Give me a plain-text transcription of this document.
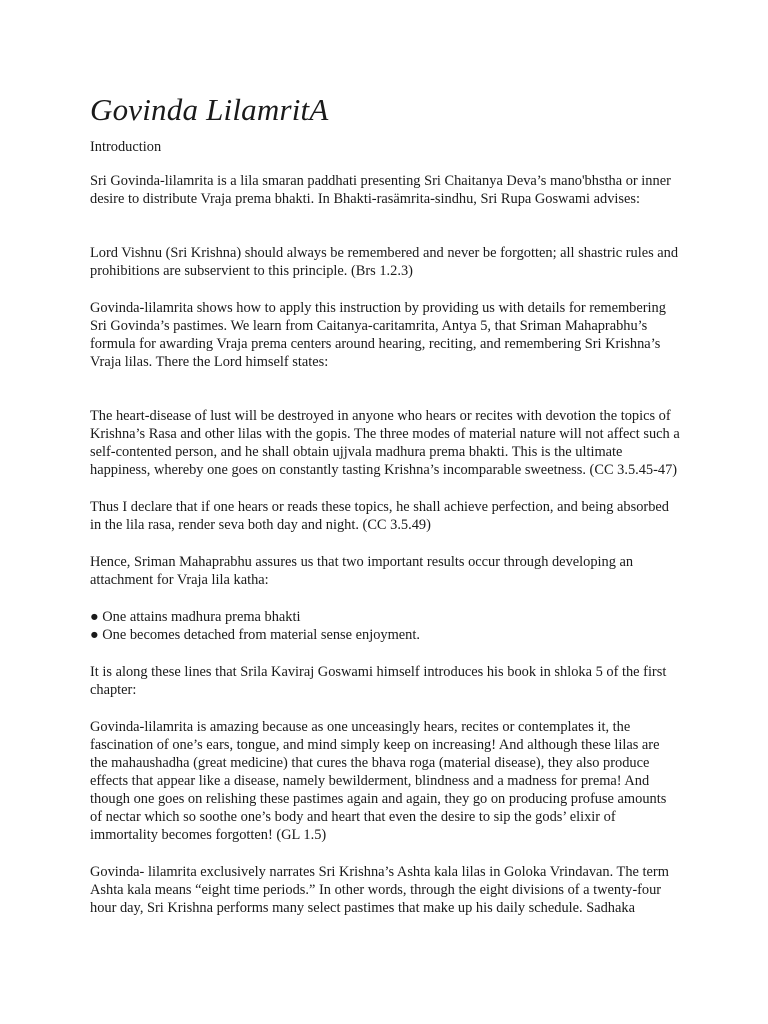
Govinda LilamritA

Introduction

Sri Govinda-lilamrita is a lila smaran paddhati presenting Sri Chaitanya Deva’s mano'bhstha or inner desire to distribute Vraja prema bhakti. In Bhakti-rasämrita-sindhu, Sri Rupa Goswami advises:

Lord Vishnu (Sri Krishna) should always be remembered and never be forgotten; all shastric rules and prohibitions are subservient to this principle. (Brs 1.2.3)

Govinda-lilamrita shows how to apply this instruction by providing us with details for remembering Sri Govinda’s pastimes. We learn from Caitanya-caritamrita, Antya 5, that Sriman Mahaprabhu’s formula for awarding Vraja prema centers around hearing, reciting, and remembering Sri Krishna’s Vraja lilas. There the Lord himself states:

The heart-disease of lust will be destroyed in anyone who hears or recites with devotion the topics of Krishna’s Rasa and other lilas with the gopis. The three modes of material nature will not affect such a self-contented person, and he shall obtain ujjvala madhura prema bhakti. This is the ultimate happiness, whereby one goes on constantly tasting Krishna’s incomparable sweetness. (CC 3.5.45-47)

Thus I declare that if one hears or reads these topics, he shall achieve perfection, and being absorbed in the lila rasa, render seva both day and night. (CC 3.5.49)

Hence, Sriman Mahaprabhu assures us that two important results occur through developing an attachment for Vraja lila katha:

● One attains madhura prema bhakti
● One becomes detached from material sense enjoyment.

It is along these lines that Srila Kaviraj Goswami himself introduces his book in shloka 5 of the first chapter:

Govinda-lilamrita is amazing because as one unceasingly hears, recites or contemplates it, the fascination of one’s ears, tongue, and mind simply keep on increasing! And although these lilas are the mahaushadha (great medicine) that cures the bhava roga (material disease), they also produce effects that appear like a disease, namely bewilderment, blindness and a madness for prema! And though one goes on relishing these pastimes again and again, they go on producing profuse amounts of nectar which so soothe one’s body and heart that even the desire to sip the gods’ elixir of immortality becomes forgotten! (GL 1.5)

Govinda- lilamrita exclusively narrates Sri Krishna’s Ashta kala lilas in Goloka Vrindavan. The term Ashta kala means “eight time periods.” In other words, through the eight divisions of a twenty-four hour day, Sri Krishna performs many select pastimes that make up his daily schedule. Sadhaka
